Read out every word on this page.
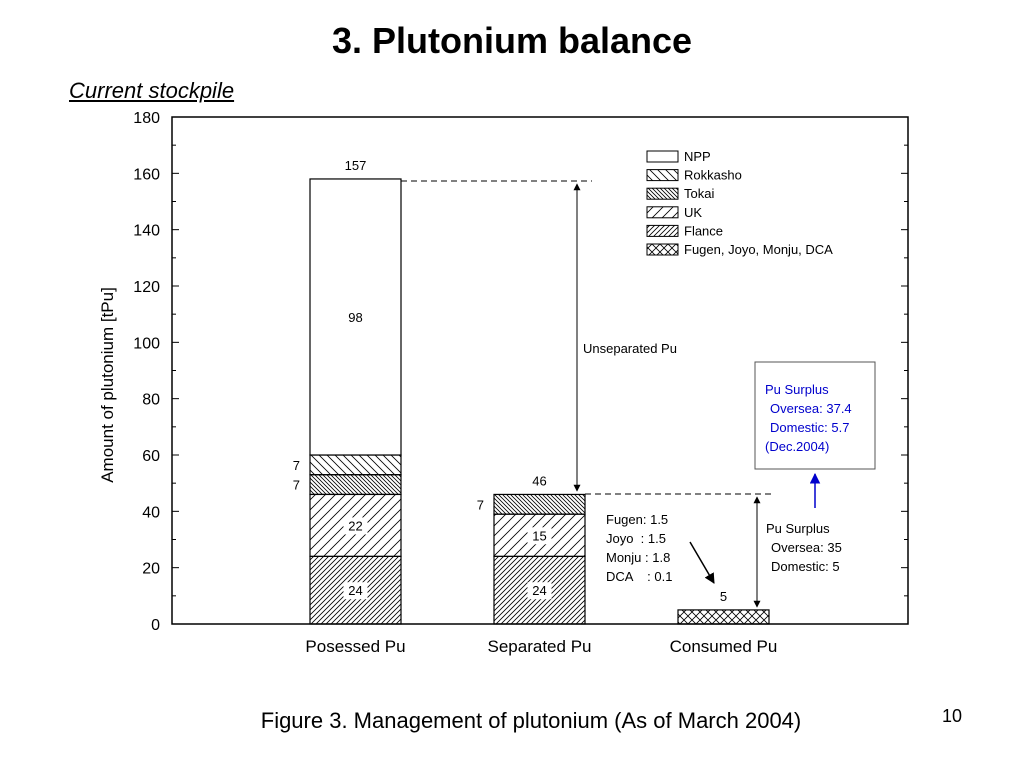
3. Plutonium balance
Current stockpile
0
20
40
60
80
100
120
140
160
180
98
7
7
22
24
7
15
24
157
46
5
Posessed Pu	Separated Pu	Consumed Pu
Amount of plutonium [tPu]
NPP
Rokkasho
Tokai
UK
Flance
Fugen, Joyo, Monju, DCA
Unseparated Pu
Pu Surplus
Oversea: 35
Domestic: 5
Fugen: 1.5
Joyo  : 1.5
Monju : 1.8
DCA    : 0.1
Pu Surplus
Oversea: 37.4
Domestic: 5.7
(Dec.2004)
Figure 3. Management of plutonium (As of March 2004)	10
